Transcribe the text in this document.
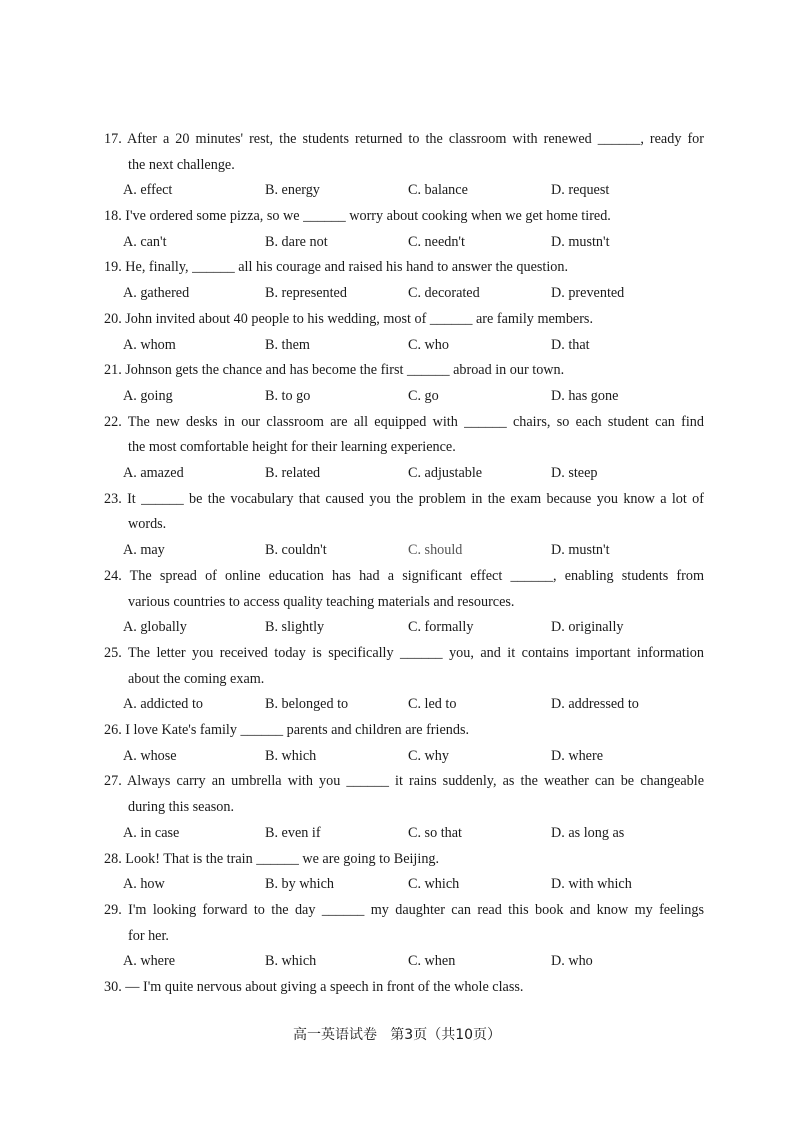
17. After a 20 minutes' rest, the students returned to the classroom with renewed ______, ready for
the next challenge.
A. effect	B. energy	C. balance	D. request
18. I've ordered some pizza, so we ______ worry about cooking when we get home tired.
A. can't	B. dare not	C. needn't	D. mustn't
19. He, finally, ______ all his courage and raised his hand to answer the question.
A. gathered	B. represented	C. decorated	D. prevented
20. John invited about 40 people to his wedding, most of ______ are family members.
A. whom	B. them	C. who	D. that
21. Johnson gets the chance and has become the first ______ abroad in our town.
A. going	B. to go	C. go	D. has gone
22. The new desks in our classroom are all equipped with ______ chairs, so each student can find
the most comfortable height for their learning experience.
A. amazed	B. related	C. adjustable	D. steep
23. It ______ be the vocabulary that caused you the problem in the exam because you know a lot of
words.
A. may	B. couldn't	C. should	D. mustn't
24. The spread of online education has had a significant effect ______, enabling students from
various countries to access quality teaching materials and resources.
A. globally	B. slightly	C. formally	D. originally
25. The letter you received today is specifically ______ you, and it contains important information
about the coming exam.
A. addicted to	B. belonged to	C. led to	D. addressed to
26. I love Kate's family ______ parents and children are friends.
A. whose	B. which	C. why	D. where
27. Always carry an umbrella with you ______ it rains suddenly, as the weather can be changeable
during this season.
A. in case	B. even if	C. so that	D. as long as
28. Look! That is the train ______ we are going to Beijing.
A. how	B. by which	C. which	D. with which
29. I'm looking forward to the day ______ my daughter can read this book and know my feelings
for her.
A. where	B. which	C. when	D. who
30. — I'm quite nervous about giving a speech in front of the whole class.
高一英语试卷   第3页（共10页）
